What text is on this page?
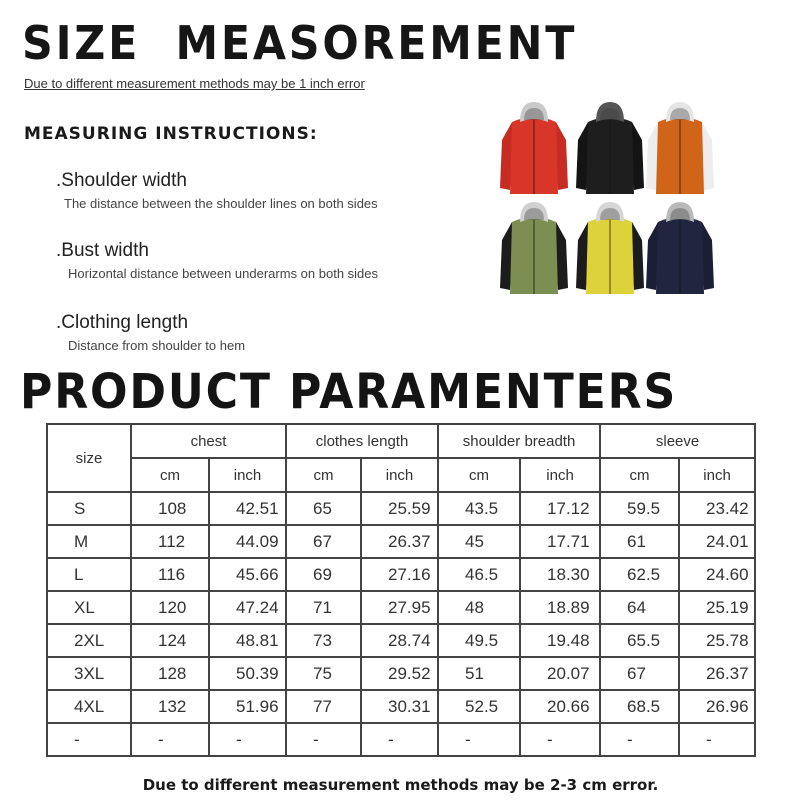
SIZE  MEASOREMENT
Due to different measurement methods may be 1 inch error
MEASURING INSTRUCTIONS:
.Shoulder width
The distance between the shoulder lines on both sides
.Bust width
Horizontal distance between underarms on both sides
.Clothing length
Distance from shoulder to hem
PRODUCT PARAMENTERS
size	chest		clothes length		shoulder breadth		sleeve	
	cm	inch	cm	inch	cm	inch	cm	inch
S	108	42.51	65	25.59	43.5	17.12	59.5	23.42
M	112	44.09	67	26.37	45	17.71	61	24.01
L	116	45.66	69	27.16	46.5	18.30	62.5	24.60
XL	120	47.24	71	27.95	48	18.89	64	25.19
2XL	124	48.81	73	28.74	49.5	19.48	65.5	25.78
3XL	128	50.39	75	29.52	51	20.07	67	26.37
4XL	132	51.96	77	30.31	52.5	20.66	68.5	26.96
-	-	-	-	-	-	-	-	-
Due to different measurement methods may be 2-3 cm error.
